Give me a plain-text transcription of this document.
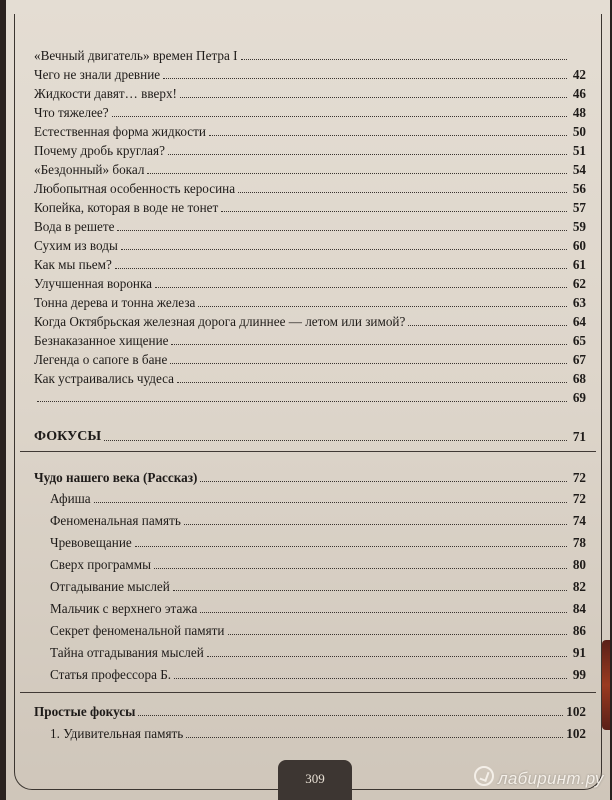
«Вечный двигатель» времен Петра I
Чего не знали древние	42
Жидкости давят… вверх!	46
Что тяжелее?	48
Естественная форма жидкости	50
Почему дробь круглая?	51
«Бездонный» бокал	54
Любопытная особенность керосина	56
Копейка, которая в воде не тонет	57
Вода в решете	59
Сухим из воды	60
Как мы пьем?	61
Улучшенная воронка	62
Тонна дерева и тонна железа	63
Когда Октябрьская железная дорога длиннее — летом или зимой?	64
Безнаказанное хищение	65
Легенда о сапоге в бане	67
Как устраивались чудеса	68
69
ФОКУСЫ	71
Чудо нашего века (Рассказ)	72
Афиша	72
Феноменальная память	74
Чревовещание	78
Сверх программы	80
Отгадывание мыслей	82
Мальчик с верхнего этажа	84
Секрет феноменальной памяти	86
Тайна отгадывания мыслей	91
Статья профессора Б.	99
Простые фокусы	102
1. Удивительная память	102
309	лабиринт.ру
